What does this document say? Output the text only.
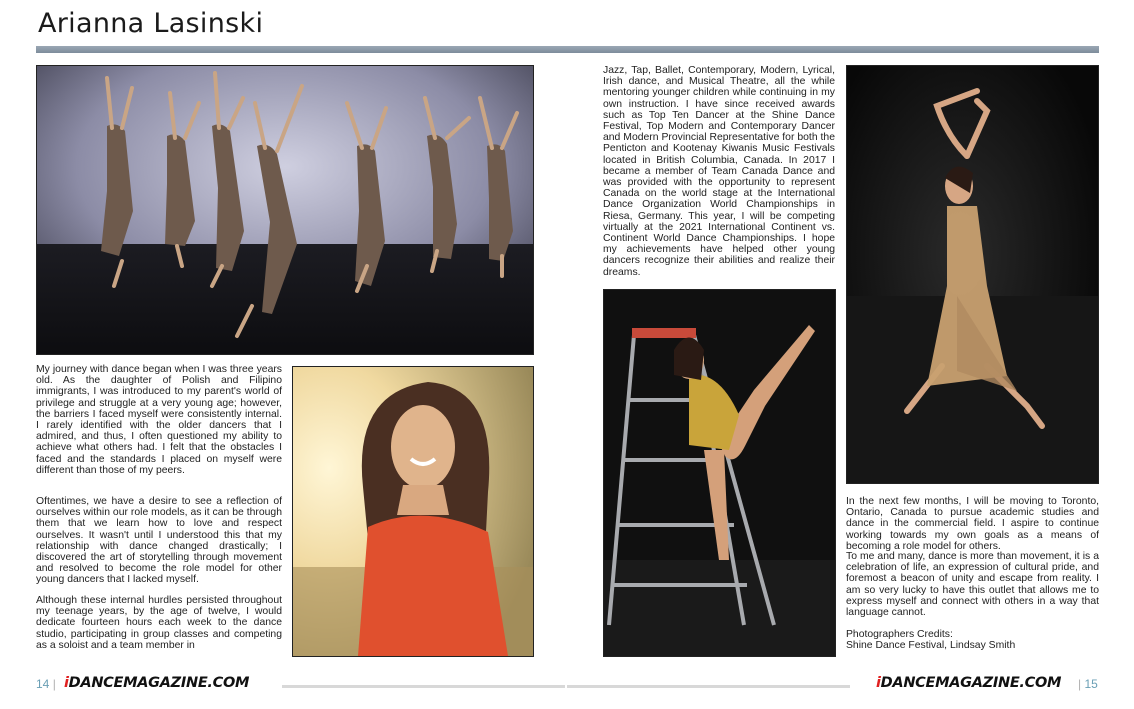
Arianna Lasinski
My journey with dance began when I was three years old. As the daughter of Polish and Filipino immigrants, I was introduced to my parent's world of privilege and struggle at a very young age; however, the barriers I faced myself were consistently internal. I rarely identified with the older dancers that I admired, and thus, I often questioned my ability to achieve what others had. I felt that the obstacles I faced and the standards I placed on myself were different than those of my peers.
Oftentimes, we have a desire to see a reflection of ourselves within our role models, as it can be through them that we learn how to love and respect ourselves. It wasn't until I understood this that my relationship with dance changed drastically; I discovered the art of storytelling through movement and resolved to become the role model for other young dancers that I lacked myself.
Although these internal hurdles persisted throughout my teenage years, by the age of twelve, I would dedicate fourteen hours each week to the dance studio, participating in group classes and competing as a soloist and a team member in
Jazz, Tap, Ballet, Contemporary, Modern, Lyrical, Irish dance, and Musical Theatre, all the while mentoring younger children while continuing in my own instruction. I have since received awards such as Top Ten Dancer at the Shine Dance Festival, Top Modern and Contemporary Dancer and Modern Provincial Representative for both the Penticton and Kootenay Kiwanis Music Festivals located in British Columbia, Canada. In 2017 I became a member of Team Canada Dance and was provided with the opportunity to represent Canada on the world stage at the International Dance Organization World Championships in Riesa, Germany. This year, I will be competing virtually at the 2021 International Continent vs. Continent World Dance Championships. I hope my achievements have helped other young dancers recognize their abilities and realize their dreams.
In the next few months, I will be moving to Toronto, Ontario, Canada to pursue academic studies and dance in the commercial field. I aspire to continue working towards my own goals as a means of becoming a role model for others.
To me and many, dance is more than movement, it is a celebration of life, an expression of cultural pride, and foremost a beacon of unity and escape from reality. I am so very lucky to have this outlet that allows me to express myself and connect with others in a way that language cannot.
Photographers Credits:
Shine Dance Festival, Lindsay Smith
14 | iDANCEMAGAZINE.COM	iDANCEMAGAZINE.COM | 15
